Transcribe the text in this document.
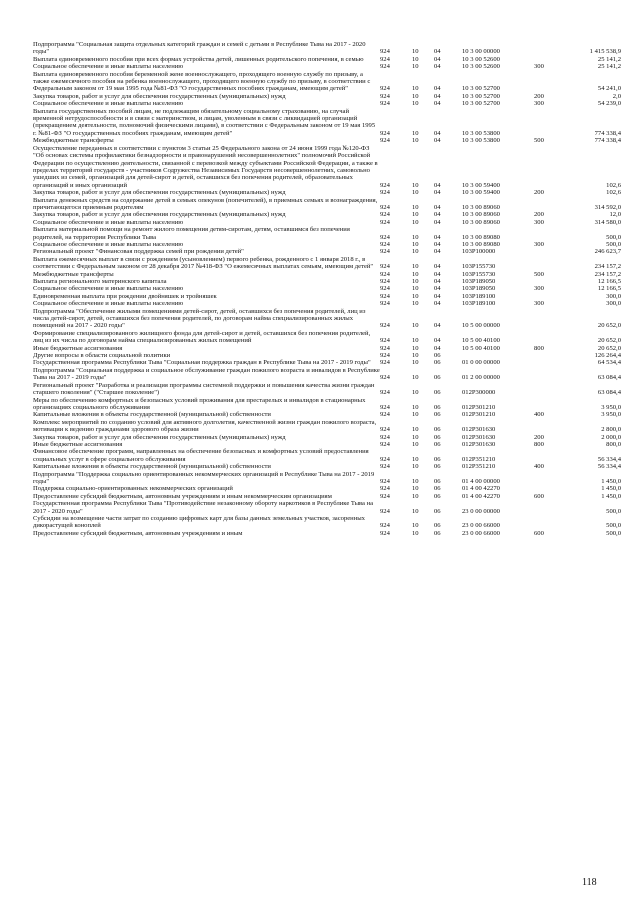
Подпрограмма "Социальная защита отдельных категорий граждан и семей с детьми в Республике Тыва на 2017 - 2020 годы"	924	10	04	10 3 00 00000		1 415 538,9
Выплата единовременного пособия при всех формах устройства детей, лишенных родительского попечения, в семью	924	10	04	10 3 00 52600		25 141,2
Социальное обеспечение и иные выплаты населению	924	10	04	10 3 00 52600	300	25 141,2
Выплата единовременного пособия беременной жене военнослужащего, проходящего военную службу по призыву, а также ежемесячного пособия на ребенка военнослужащего, проходящего военную службу по призыву, в соответствии с Федеральным законом от 19 мая 1995 года №81-ФЗ "О государственных пособиях гражданам, имеющим детей"	924	10	04	10 3 00 52700		54 241,0
Закупка товаров, работ и услуг для обеспечения государственных (муниципальных) нужд	924	10	04	10 3 00 52700	200	2,0
Социальное обеспечение и иные выплаты населению	924	10	04	10 3 00 52700	300	54 239,0
Выплата государственных пособий лицам, не подлежащим обязательному социальному страхованию, на случай временной нетрудоспособности и в связи с материнством, и лицам, уволенным в связи с ликвидацией организаций (прекращением деятельности, полномочий физическими лицами), в соответствии с Федеральным законом от 19 мая 1995 г. №81-ФЗ "О государственных пособиях гражданам, имеющим детей"	924	10	04	10 3 00 53800		774 338,4
Межбюджетные трансферты	924	10	04	10 3 00 53800	500	774 338,4
Осуществление переданных в соответствии с пунктом 3 статьи 25 Федерального закона от 24 июня 1999 года №120-ФЗ "Об основах системы профилактики безнадзорности и правонарушений несовершеннолетних" полномочий Российской Федерации по осуществлению деятельности, связанной с перевозкой между субъектами Российской Федерации, а также в пределах территорий государств - участников Содружества Независимых Государств несовершеннолетних, самовольно ушедших из семей, организаций для детей-сирот и детей, оставшихся без попечения родителей, образовательных организаций и иных организаций	924	10	04	10 3 00 59400		102,6
Закупка товаров, работ и услуг для обеспечения государственных (муниципальных) нужд	924	10	04	10 3 00 59400	200	102,6
Выплата денежных средств на содержание детей в семьях опекунов (попечителей), в приемных семьях и вознаграждения, причитающегося приемным родителям	924	10	04	10 3 00 89060		314 592,0
Закупка товаров, работ и услуг для обеспечения государственных (муниципальных) нужд	924	10	04	10 3 00 89060	200	12,0
Социальное обеспечение и иные выплаты населению	924	10	04	10 3 00 89060	300	314 580,0
Выплата материальной помощи на ремонт жилого помещения детям-сиротам, детям, оставшимся без попечения родителей, на территории Республики Тыва	924	10	04	10 3 00 89080		500,0
Социальное обеспечение и иные выплаты населению	924	10	04	10 3 00 89080	300	500,0
Региональный проект "Финансовая поддержка семей при рождении детей"	924	10	04	103P100000		246 623,7
Выплата ежемесячных выплат в связи с рождением (усыновлением) первого ребенка, рожденного с 1 января 2018 г., в соответствии с Федеральным законом от 28 декабря 2017 №418-ФЗ "О ежемесячных выплатах семьям, имеющим детей"	924	10	04	103P155730		234 157,2
Межбюджетные трансферты	924	10	04	103P155730	500	234 157,2
Выплата регионального материнского капитала	924	10	04	103P189050		12 166,5
Социальное обеспечение и иные выплаты населению	924	10	04	103P189050	300	12 166,5
Единовременная выплата при рождении двойняшек и тройняшек	924	10	04	103P189100		300,0
Социальное обеспечение и иные выплаты населению	924	10	04	103P189100	300	300,0
Подпрограмма "Обеспечение жилыми помещениями детей-сирот, детей, оставшихся без попечения родителей, лиц из числа детей-сирот, детей, оставшихся без попечения родителей, по договорам найма специализированных жилых помещений на 2017 - 2020 годы"	924	10	04	10 5 00 00000		20 652,0
Формирование специализированного жилищного фонда для детей-сирот и детей, оставшихся без попечения родителей, лиц из их числа по договорам найма специализированных жилых помещений	924	10	04	10 5 00 40100		20 652,0
Иные бюджетные ассигнования	924	10	04	10 5 00 40100	800	20 652,0
Другие вопросы в области социальной политики	924	10	06			126 264,4
Государственная программа Республики Тыва "Социальная поддержка граждан в Республике Тыва на 2017 - 2019 годы"	924	10	06	01 0 00 00000		64 534,4
Подпрограмма "Социальная поддержка и социальное обслуживание граждан пожилого возраста и инвалидов в Республике Тыва на 2017 - 2019 годы"	924	10	06	01 2 00 00000		63 084,4
Региональный проект "Разработка и реализация программы системной поддержки и повышения качества жизни граждан старшего поколения" ("Старшее поколение")	924	10	06	012P300000		63 084,4
Меры по обеспечению комфортных и безопасных условий проживания для престарелых и инвалидов в стационарных организациях социального обслуживания	924	10	06	012P301210		3 950,0
Капитальные вложения в объекты государственной (муниципальной) собственности	924	10	06	012P301210	400	3 950,0
Комплекс мероприятий по созданию условий для активного долголетия, качественной жизни граждан пожилого возраста, мотивации к ведению гражданами здорового образа жизни	924	10	06	012P301630		2 800,0
Закупка товаров, работ и услуг для обеспечения государственных (муниципальных) нужд	924	10	06	012P301630	200	2 000,0
Иные бюджетные ассигнования	924	10	06	012P301630	800	800,0
Финансовое обеспечение программ, направленных на обеспечение безопасных и комфортных условий предоставления социальных услуг в сфере социального обслуживания	924	10	06	012P351210		56 334,4
Капитальные вложения в объекты государственной (муниципальной) собственности	924	10	06	012P351210	400	56 334,4
Подпрограмма "Поддержка социально ориентированных некоммерческих организаций в Республике Тыва на 2017 - 2019 годы"	924	10	06	01 4 00 00000		1 450,0
Поддержка социально-ориентированных некоммерческих организаций	924	10	06	01 4 00 42270		1 450,0
Предоставление субсидий бюджетным, автономным учреждениям и иным некоммерческим организациям	924	10	06	01 4 00 42270	600	1 450,0
Государственная программа Республики Тыва "Противодействие незаконному обороту наркотиков в Республике Тыва на 2017 - 2020 годы"	924	10	06	23 0 00 00000		500,0
Субсидии на возмещение части затрат по созданию цифровых карт для базы данных земельных участков, засоренных дикорастущей коноплей	924	10	06	23 0 00 66000		500,0
Предоставление субсидий бюджетным, автономным учреждениям и иным	924	10	06	23 0 00 66000	600	500,0
118
